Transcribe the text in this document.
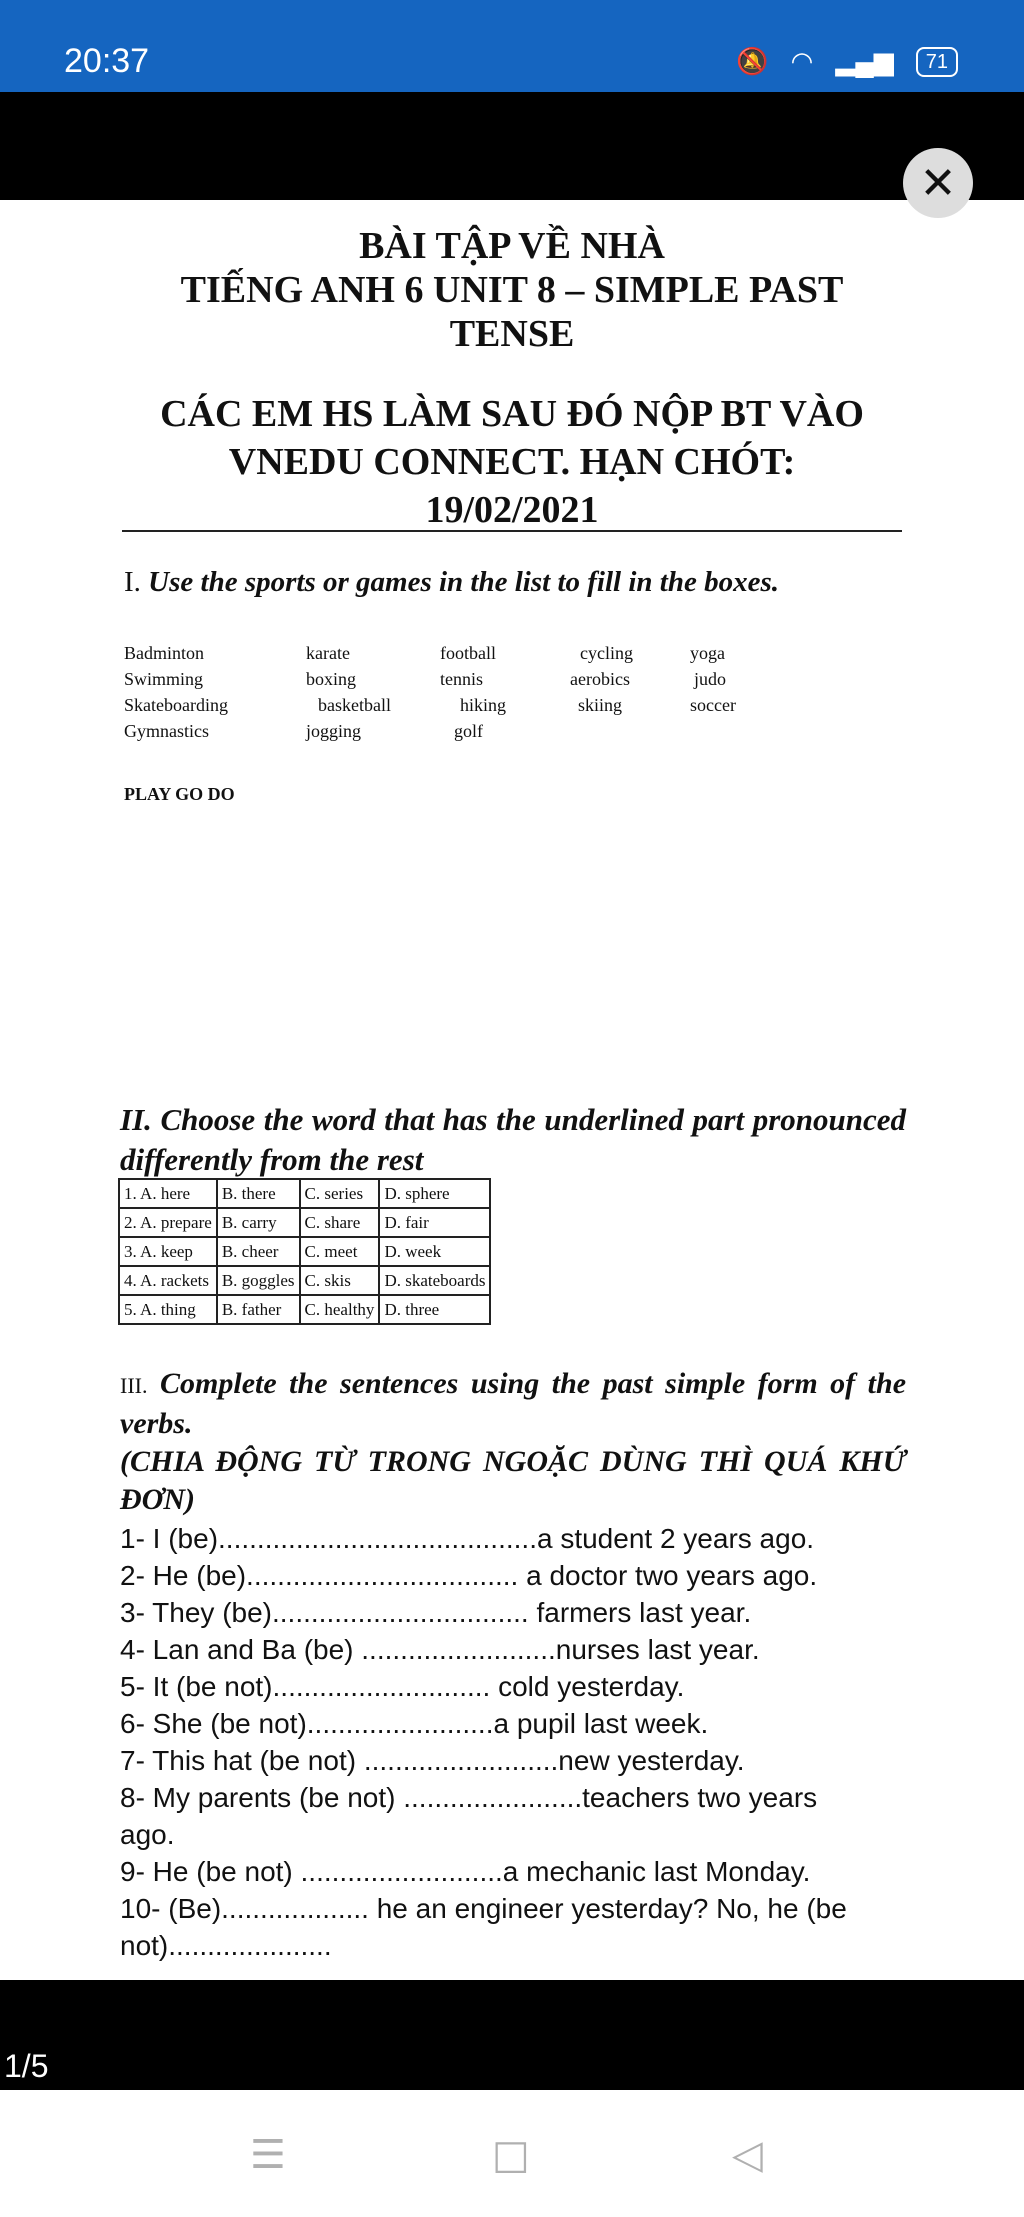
20:37	🔕 ◠ ▂▄▆	71
✕
BÀI TẬP VỀ NHÀ
TIẾNG ANH 6 UNIT 8 – SIMPLE PAST
TENSE
CÁC EM HS LÀM SAU ĐÓ NỘP BT VÀO
VNEDU CONNECT. HẠN CHÓT:
19/02/2021
I. Use the sports or games in the list to fill in the boxes.
Badminton	karate	football	cycling	yoga
Swimming	boxing	tennis	aerobics	judo
Skateboarding	basketball	hiking	skiing	soccer
Gymnastics	jogging	golf
PLAY GO DO
II. Choose the word that has the underlined part pronounced differently from the rest
1. A. here	B. there	C. series	D. sphere
2. A. prepare	B. carry	C. share	D. fair
3. A. keep	B. cheer	C. meet	D. week
4. A. rackets	B. goggles	C. skis	D. skateboards
5. A. thing	B. father	C. healthy	D. three
III. Complete the sentences using the past simple form of the verbs.
(CHIA ĐỘNG TỪ TRONG NGOẶC DÙNG THÌ QUÁ KHỨ ĐƠN)
1- I (be).........................................a student 2 years ago.
2- He (be)................................... a doctor two years ago.
3- They (be)................................. farmers last year.
4- Lan and Ba (be) .........................nurses last year.
5- It (be not)............................ cold yesterday.
6- She (be not)........................a pupil last week.
7- This hat (be not) .........................new yesterday.
8- My parents (be not) .......................teachers two years
ago.
9- He (be not) ..........................a mechanic last Monday.
10- (Be)................... he an engineer yesterday? No, he (be
not).....................
1/5
☰	□	◁
